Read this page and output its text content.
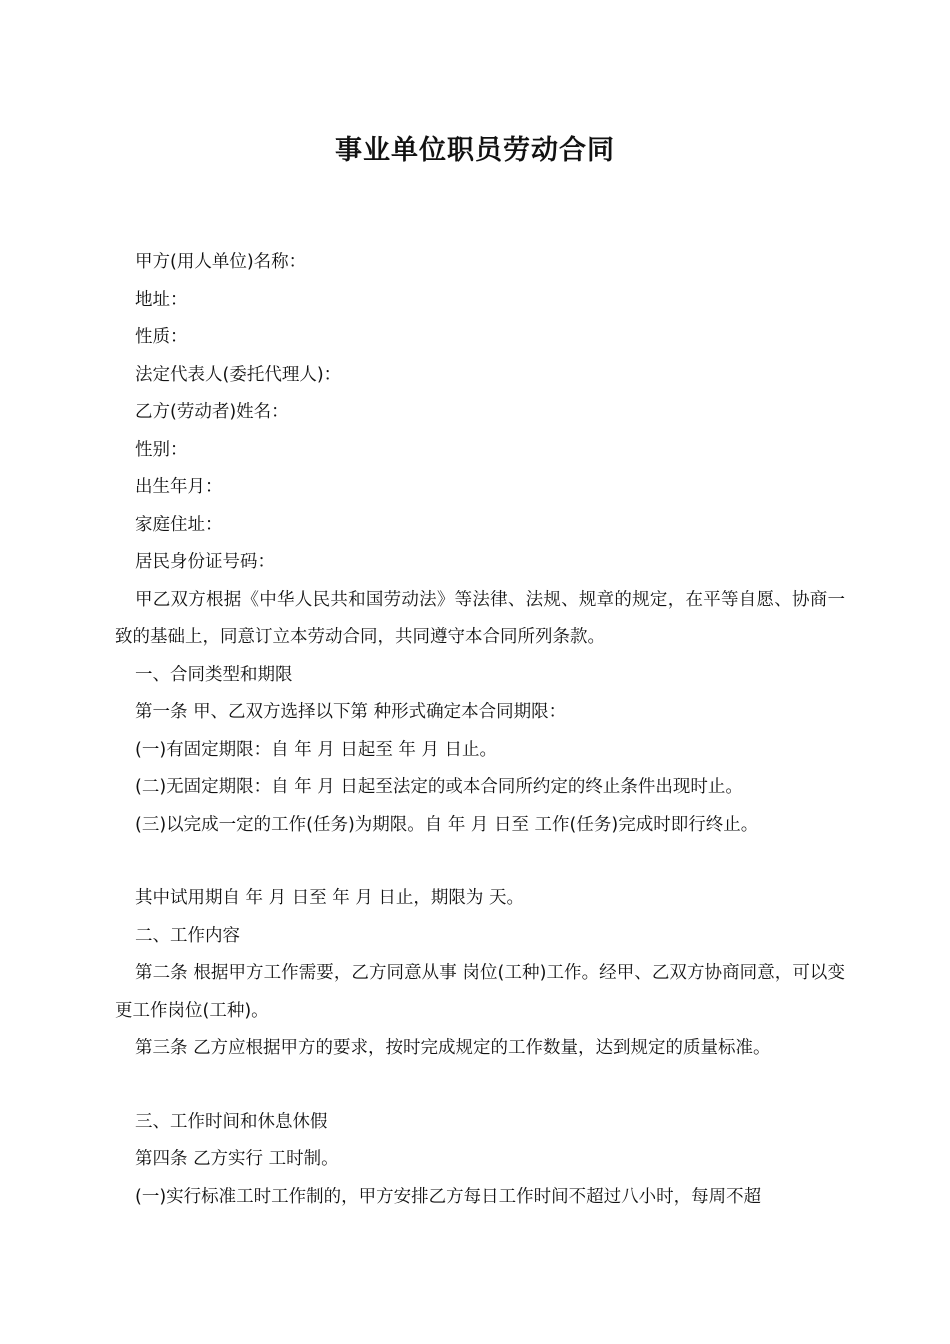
事业单位职员劳动合同

甲方(用人单位)名称：

地址：

性质：

法定代表人(委托代理人)：

乙方(劳动者)姓名：

性别：

出生年月：

家庭住址：

居民身份证号码：

甲乙双方根据《中华人民共和国劳动法》等法律、法规、规章的规定，在平等自愿、协商一致的基础上，同意订立本劳动合同，共同遵守本合同所列条款。

一、合同类型和期限

第一条 甲、乙双方选择以下第 种形式确定本合同期限：

(一)有固定期限：自 年 月 日起至 年 月 日止。

(二)无固定期限：自 年 月 日起至法定的或本合同所约定的终止条件出现时止。

(三)以完成一定的工作(任务)为期限。自 年 月 日至 工作(任务)完成时即行终止。

其中试用期自 年 月 日至 年 月 日止，期限为 天。

二、工作内容

第二条 根据甲方工作需要，乙方同意从事 岗位(工种)工作。经甲、乙双方协商同意，可以变更工作岗位(工种)。

第三条 乙方应根据甲方的要求，按时完成规定的工作数量，达到规定的质量标准。

三、工作时间和休息休假

第四条 乙方实行 工时制。

(一)实行标准工时工作制的，甲方安排乙方每日工作时间不超过八小时，每周不超
